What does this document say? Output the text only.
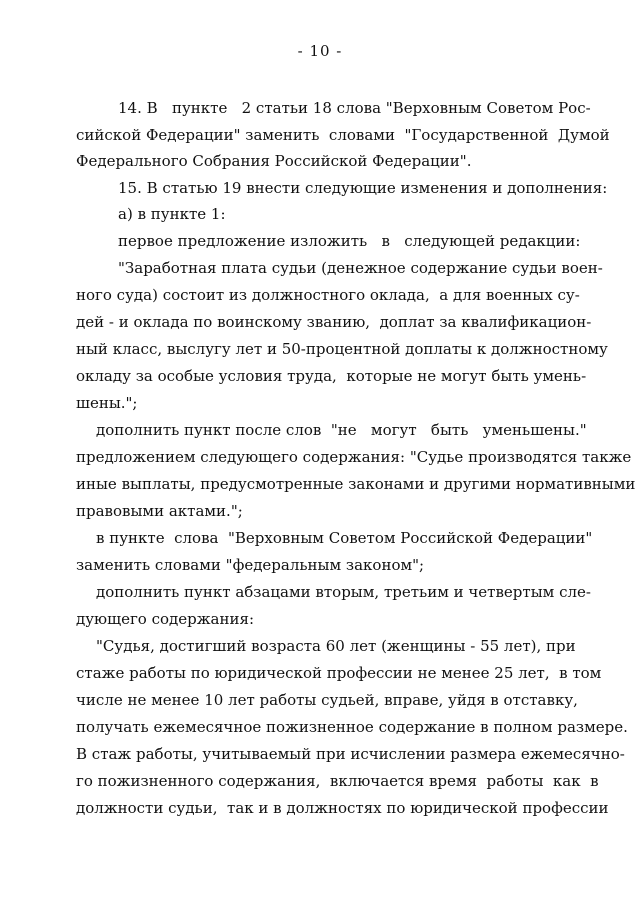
- 10 -
14. В   пункте   2 статьи 18 слова "Верховным Советом Рос-
сийской Федерации" заменить  словами  "Государственной  Думой
Федерального Собрания Российской Федерации".
15. В статью 19 внести следующие изменения и дополнения:
а) в пункте 1:
первое предложение изложить   в   следующей редакции:
"Заработная плата судьи (денежное содержание судьи воен-
ного суда) состоит из должностного оклада,  а для военных су-
дей - и оклада по воинскому званию,  доплат за квалификацион-
ный класс, выслугу лет и 50-процентной доплаты к должностному
окладу за особые условия труда,  которые не могут быть умень-
шены.";
дополнить пункт после слов  "не   могут   быть   уменьшены."
предложением следующего содержания: "Судье производятся также
иные выплаты, предусмотренные законами и другими нормативными
правовыми актами.";
в пункте  слова  "Верховным Советом Российской Федерации"
заменить словами "федеральным законом";
дополнить пункт абзацами вторым, третьим и четвертым сле-
дующего содержания:
"Судья, достигший возраста 60 лет (женщины - 55 лет), при
стаже работы по юридической профессии не менее 25 лет,  в том
числе не менее 10 лет работы судьей, вправе, уйдя в отставку,
получать ежемесячное пожизненное содержание в полном размере.
В стаж работы, учитываемый при исчислении размера ежемесячно-
го пожизненного содержания,  включается время  работы  как  в
должности судьи,  так и в должностях по юридической профессии
